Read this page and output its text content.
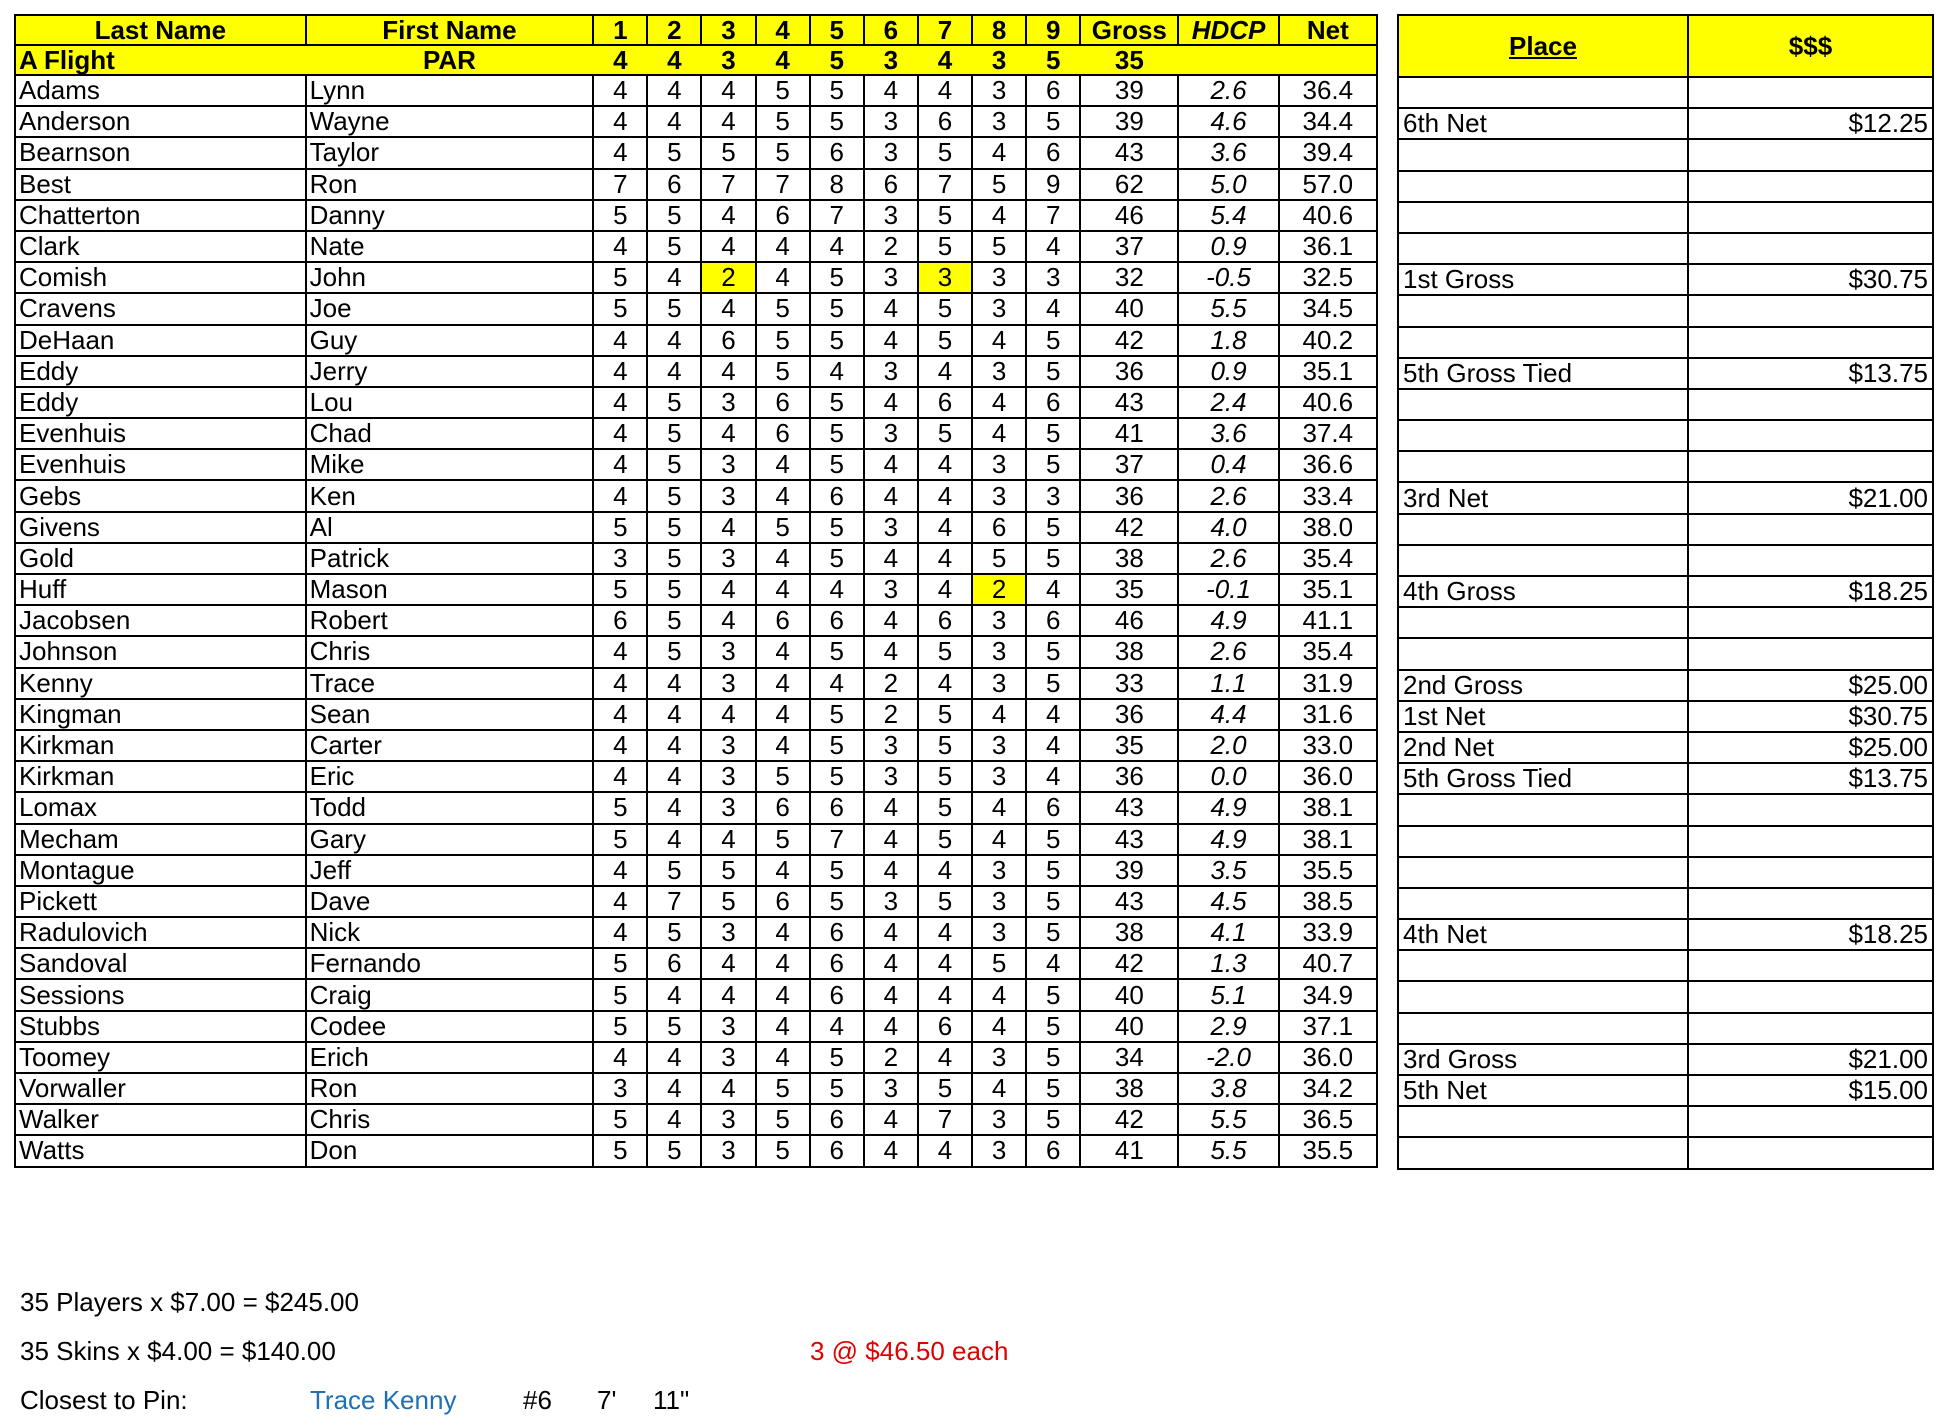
Last Name	First Name	1	2	3	4	5	6	7	8	9	Gross	HDCP	Net
A Flight	PAR	4	4	3	4	5	3	4	3	5	35		
Adams	Lynn	4	4	4	5	5	4	4	3	6	39	2.6	36.4
Anderson	Wayne	4	4	4	5	5	3	6	3	5	39	4.6	34.4
Bearnson	Taylor	4	5	5	5	6	3	5	4	6	43	3.6	39.4
Best	Ron	7	6	7	7	8	6	7	5	9	62	5.0	57.0
Chatterton	Danny	5	5	4	6	7	3	5	4	7	46	5.4	40.6
Clark	Nate	4	5	4	4	4	2	5	5	4	37	0.9	36.1
Comish	John	5	4	2	4	5	3	3	3	3	32	-0.5	32.5
Cravens	Joe	5	5	4	5	5	4	5	3	4	40	5.5	34.5
DeHaan	Guy	4	4	6	5	5	4	5	4	5	42	1.8	40.2
Eddy	Jerry	4	4	4	5	4	3	4	3	5	36	0.9	35.1
Eddy	Lou	4	5	3	6	5	4	6	4	6	43	2.4	40.6
Evenhuis	Chad	4	5	4	6	5	3	5	4	5	41	3.6	37.4
Evenhuis	Mike	4	5	3	4	5	4	4	3	5	37	0.4	36.6
Gebs	Ken	4	5	3	4	6	4	4	3	3	36	2.6	33.4
Givens	Al	5	5	4	5	5	3	4	6	5	42	4.0	38.0
Gold	Patrick	3	5	3	4	5	4	4	5	5	38	2.6	35.4
Huff	Mason	5	5	4	4	4	3	4	2	4	35	-0.1	35.1
Jacobsen	Robert	6	5	4	6	6	4	6	3	6	46	4.9	41.1
Johnson	Chris	4	5	3	4	5	4	5	3	5	38	2.6	35.4
Kenny	Trace	4	4	3	4	4	2	4	3	5	33	1.1	31.9
Kingman	Sean	4	4	4	4	5	2	5	4	4	36	4.4	31.6
Kirkman	Carter	4	4	3	4	5	3	5	3	4	35	2.0	33.0
Kirkman	Eric	4	4	3	5	5	3	5	3	4	36	0.0	36.0
Lomax	Todd	5	4	3	6	6	4	5	4	6	43	4.9	38.1
Mecham	Gary	5	4	4	5	7	4	5	4	5	43	4.9	38.1
Montague	Jeff	4	5	5	4	5	4	4	3	5	39	3.5	35.5
Pickett	Dave	4	7	5	6	5	3	5	3	5	43	4.5	38.5
Radulovich	Nick	4	5	3	4	6	4	4	3	5	38	4.1	33.9
Sandoval	Fernando	5	6	4	4	6	4	4	5	4	42	1.3	40.7
Sessions	Craig	5	4	4	4	6	4	4	4	5	40	5.1	34.9
Stubbs	Codee	5	5	3	4	4	4	6	4	5	40	2.9	37.1
Toomey	Erich	4	4	3	4	5	2	4	3	5	34	-2.0	36.0
Vorwaller	Ron	3	4	4	5	5	3	5	4	5	38	3.8	34.2
Walker	Chris	5	4	3	5	6	4	7	3	5	42	5.5	36.5
Watts	Don	5	5	3	5	6	4	4	3	6	41	5.5	35.5
Place	$$$

6th Net	$12.25

1st Gross	$30.75

5th Gross Tied	$13.75

3rd Net	$21.00

4th Gross	$18.25

2nd Gross	$25.00
1st Net	$30.75
2nd Net	$25.00
5th Gross Tied	$13.75

4th Net	$18.25

3rd Gross	$21.00
5th Net	$15.00

35 Players x $7.00 = $245.00
35 Skins x $4.00 = $140.00	3 @ $46.50 each
Closest to Pin:	Trace Kenny	#6 7' 11"
